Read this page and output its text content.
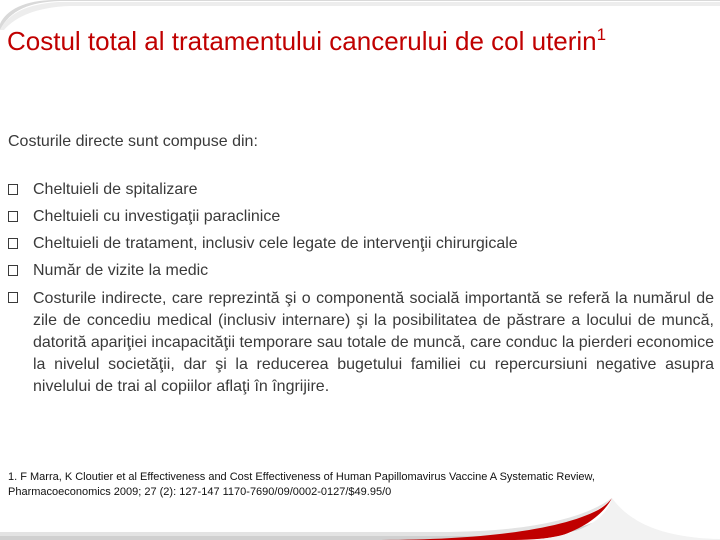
Costul total al tratamentului cancerului de col uterin$^1$
Costurile directe sunt compuse din:
Cheltuieli de spitalizare
Cheltuieli cu investigaţii paraclinice
Cheltuieli de tratament, inclusiv cele legate de intervenţii chirurgicale
Număr de vizite la medic
Costurile indirecte, care reprezintă şi o componentă socială importantă se referă la numărul de zile de concediu medical (inclusiv internare) şi la posibilitatea de păstrare a locului de muncă, datorită apariţiei incapacităţii temporare sau totale de muncă, care conduc la pierderi economice la nivelul societăţii, dar şi la reducerea bugetului familiei cu repercursiuni negative asupra nivelului de trai al copiilor aflaţi în îngrijire.
1. F Marra, K Cloutier et al Effectiveness and Cost Effectiveness of Human Papillomavirus Vaccine A Systematic Review,
Pharmacoeconomics 2009; 27 (2): 127-147 1170-7690/09/0002-0127/$49.95/0
